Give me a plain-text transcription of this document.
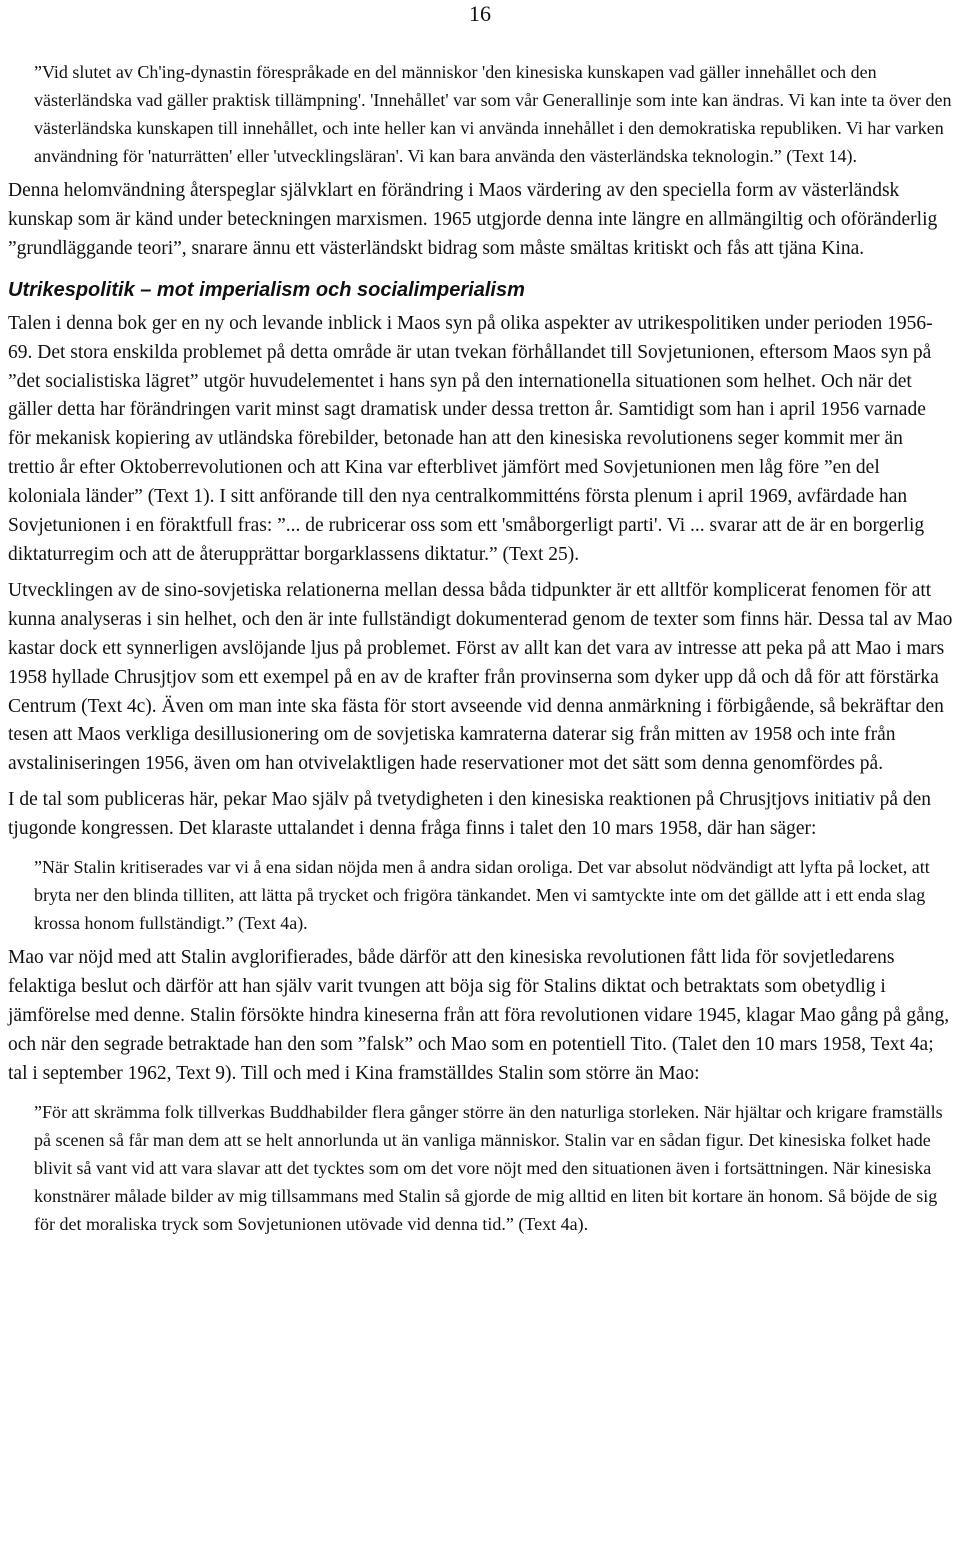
16

”Vid slutet av Ch'ing-dynastin förespråkade en del människor 'den kinesiska kunskapen vad gäller innehållet och den västerländska vad gäller praktisk tillämpning'. 'Innehållet' var som vår Generallinje som inte kan ändras. Vi kan inte ta över den västerländska kunskapen till innehållet, och inte heller kan vi använda innehållet i den demokratiska republiken. Vi har varken användning för 'naturrätten' eller 'utvecklingsläran'. Vi kan bara använda den västerländska teknologin.” (Text 14).

Denna helomvändning återspeglar självklart en förändring i Maos värdering av den speciella form av västerländsk kunskap som är känd under beteckningen marxismen. 1965 utgjorde denna inte längre en allmängiltig och oföränderlig ”grundläggande teori”, snarare ännu ett västerländskt bidrag som måste smältas kritiskt och fås att tjäna Kina.

Utrikespolitik – mot imperialism och socialimperialism

Talen i denna bok ger en ny och levande inblick i Maos syn på olika aspekter av utrikespolitiken under perioden 1956-69. Det stora enskilda problemet på detta område är utan tvekan förhållandet till Sovjetunionen, eftersom Maos syn på ”det socialistiska lägret” utgör huvudelementet i hans syn på den internationella situationen som helhet. Och när det gäller detta har förändringen varit minst sagt dramatisk under dessa tretton år. Samtidigt som han i april 1956 varnade för mekanisk kopiering av utländska förebilder, betonade han att den kinesiska revolutionens seger kommit mer än trettio år efter Oktoberrevolutionen och att Kina var efterblivet jämfört med Sovjetunionen men låg före ”en del koloniala länder” (Text 1). I sitt anförande till den nya centralkommitténs första plenum i april 1969, avfärdade han Sovjetunionen i en föraktfull fras: ”... de rubricerar oss som ett 'småborgerligt parti'. Vi ... svarar att de är en borgerlig diktaturregim och att de återupprättar borgarklassens diktatur.” (Text 25).

Utvecklingen av de sino-sovjetiska relationerna mellan dessa båda tidpunkter är ett alltför komplicerat fenomen för att kunna analyseras i sin helhet, och den är inte fullständigt dokumenterad genom de texter som finns här. Dessa tal av Mao kastar dock ett synnerligen avslöjande ljus på problemet. Först av allt kan det vara av intresse att peka på att Mao i mars 1958 hyllade Chrusjtjov som ett exempel på en av de krafter från provinserna som dyker upp då och då för att förstärka Centrum (Text 4c). Även om man inte ska fästa för stort avseende vid denna anmärkning i förbigående, så bekräftar den tesen att Maos verkliga desillusionering om de sovjetiska kamraterna daterar sig från mitten av 1958 och inte från avstaliniseringen 1956, även om han otvivelaktligen hade reservationer mot det sätt som denna genomfördes på.

I de tal som publiceras här, pekar Mao själv på tvetydigheten i den kinesiska reaktionen på Chrusjtjovs initiativ på den tjugonde kongressen. Det klaraste uttalandet i denna fråga finns i talet den 10 mars 1958, där han säger:

”När Stalin kritiserades var vi å ena sidan nöjda men å andra sidan oroliga. Det var absolut nödvändigt att lyfta på locket, att bryta ner den blinda tilliten, att lätta på trycket och frigöra tänkandet. Men vi samtyckte inte om det gällde att i ett enda slag krossa honom fullständigt.” (Text 4a).

Mao var nöjd med att Stalin avglorifierades, både därför att den kinesiska revolutionen fått lida för sovjetledarens felaktiga beslut och därför att han själv varit tvungen att böja sig för Stalins diktat och betraktats som obetydlig i jämförelse med denne. Stalin försökte hindra kineserna från att föra revolutionen vidare 1945, klagar Mao gång på gång, och när den segrade betraktade han den som ”falsk” och Mao som en potentiell Tito. (Talet den 10 mars 1958, Text 4a; tal i september 1962, Text 9). Till och med i Kina framställdes Stalin som större än Mao:

”För att skrämma folk tillverkas Buddhabilder flera gånger större än den naturliga storleken. När hjältar och krigare framställs på scenen så får man dem att se helt annorlunda ut än vanliga människor. Stalin var en sådan figur. Det kinesiska folket hade blivit så vant vid att vara slavar att det tycktes som om det vore nöjt med den situationen även i fortsättningen. När kinesiska konstnärer målade bilder av mig tillsammans med Stalin så gjorde de mig alltid en liten bit kortare än honom. Så böjde de sig för det moraliska tryck som Sovjetunionen utövade vid denna tid.” (Text 4a).
